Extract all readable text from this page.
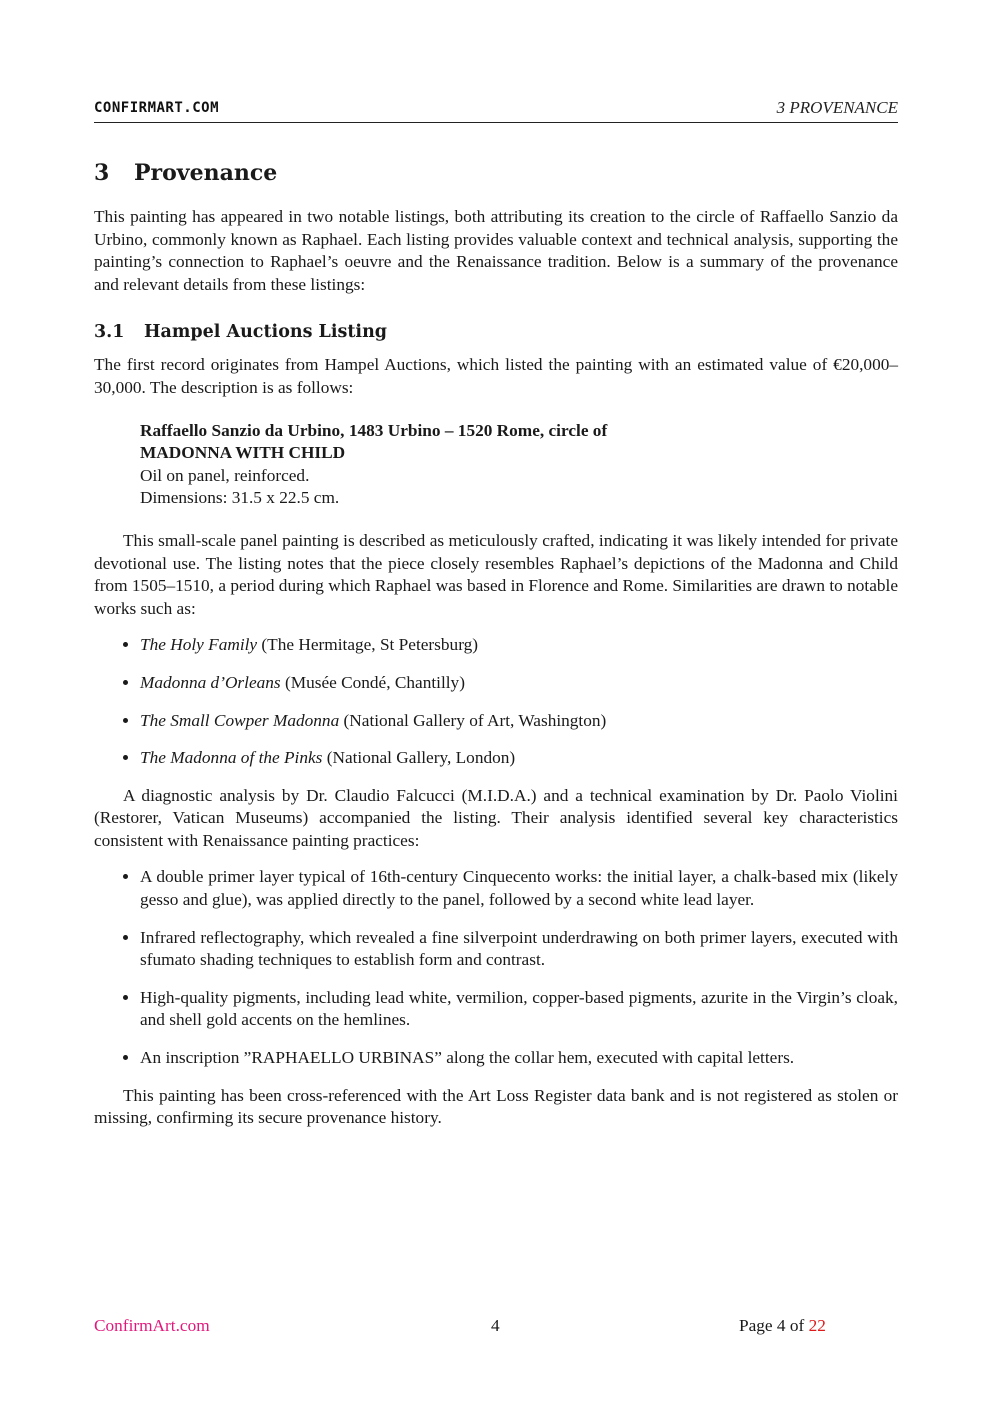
CONFIRMART.COM	3 PROVENANCE
3 Provenance

This painting has appeared in two notable listings, both attributing its creation to the circle of Raffaello Sanzio da Urbino, commonly known as Raphael. Each listing provides valuable context and technical analysis, supporting the painting’s connection to Raphael’s oeuvre and the Renaissance tradition. Below is a summary of the provenance and relevant details from these listings:

3.1 Hampel Auctions Listing

The first record originates from Hampel Auctions, which listed the painting with an estimated value of €20,000–30,000. The description is as follows:

Raffaello Sanzio da Urbino, 1483 Urbino – 1520 Rome, circle of
MADONNA WITH CHILD
Oil on panel, reinforced.
Dimensions: 31.5 x 22.5 cm.

This small-scale panel painting is described as meticulously crafted, indicating it was likely intended for private devotional use. The listing notes that the piece closely resembles Raphael’s depictions of the Madonna and Child from 1505–1510, a period during which Raphael was based in Florence and Rome. Similarities are drawn to notable works such as:

• The Holy Family (The Hermitage, St Petersburg)
• Madonna d’Orleans (Musée Condé, Chantilly)
• The Small Cowper Madonna (National Gallery of Art, Washington)
• The Madonna of the Pinks (National Gallery, London)

A diagnostic analysis by Dr. Claudio Falcucci (M.I.D.A.) and a technical examination by Dr. Paolo Violini (Restorer, Vatican Museums) accompanied the listing. Their analysis identified several key characteristics consistent with Renaissance painting practices:

• A double primer layer typical of 16th-century Cinquecento works: the initial layer, a chalk-based mix (likely gesso and glue), was applied directly to the panel, followed by a second white lead layer.
• Infrared reflectography, which revealed a fine silverpoint underdrawing on both primer layers, executed with sfumato shading techniques to establish form and contrast.
• High-quality pigments, including lead white, vermilion, copper-based pigments, azurite in the Virgin’s cloak, and shell gold accents on the hemlines.
• An inscription ”RAPHAELLO URBINAS” along the collar hem, executed with capital letters.

This painting has been cross-referenced with the Art Loss Register data bank and is not registered as stolen or missing, confirming its secure provenance history.

ConfirmArt.com	4	Page 4 of 22
